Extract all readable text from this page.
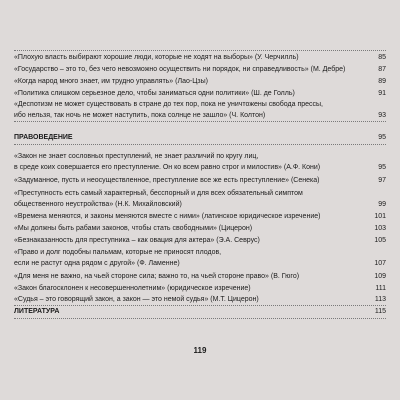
«Плохую власть выбирают хорошие люди, которые не ходят на выборы» (У. Черчилль)	85
«Государство – это то, без чего невозможно осуществить ни порядок, ни справедливость» (М. Дебре)	87
«Когда народ много знает, им трудно управлять» (Лао-Цзы)	89
«Политика слишком серьезное дело, чтобы заниматься одни политики» (Ш. де Голль)	91
«Деспотизм не может существовать в стране до тех пор, пока не уничтожены свобода прессы,
ибо нельзя, так ночь не может наступить, пока солнце не зашло» (Ч. Колтон)	93
ПРАВОВЕДЕНИЕ	95
«Закон не знает сословных преступлений, не знает различий по кругу лиц,
в среде коих совершается его преступление. Он ко всем равно строг и милостив» (А.Ф. Кони)	95
«Задуманное, пусть и неосуществленное, преступление все же есть преступление» (Сенека)	97
«Преступность есть самый характерный, бесспорный и для всех обязательный симптом
общественного неустройства» (Н.К. Михайловский)	99
«Времена меняются, и законы меняются вместе с ними» (латинское юридическое изречение)	101
«Мы должны быть рабами законов, чтобы стать свободными» (Цицерон)	103
«Безнаказанность для преступника – как овация для актера» (Э.А. Севрус)	105
«Право и долг подобны пальмам, которые не приносят плодов,
если не растут одна рядом с другой» (Ф. Ламенне)	107
«Для меня не важно, на чьей стороне сила; важно то, на чьей стороне право» (В. Гюго)	109
«Закон благосклонен к несовершеннолетним» (юридическое изречение)	111
«Судья – это говорящий закон, а закон — это немой судья» (М.Т. Цицерон)	113
ЛИТЕРАТУРА	115
119
